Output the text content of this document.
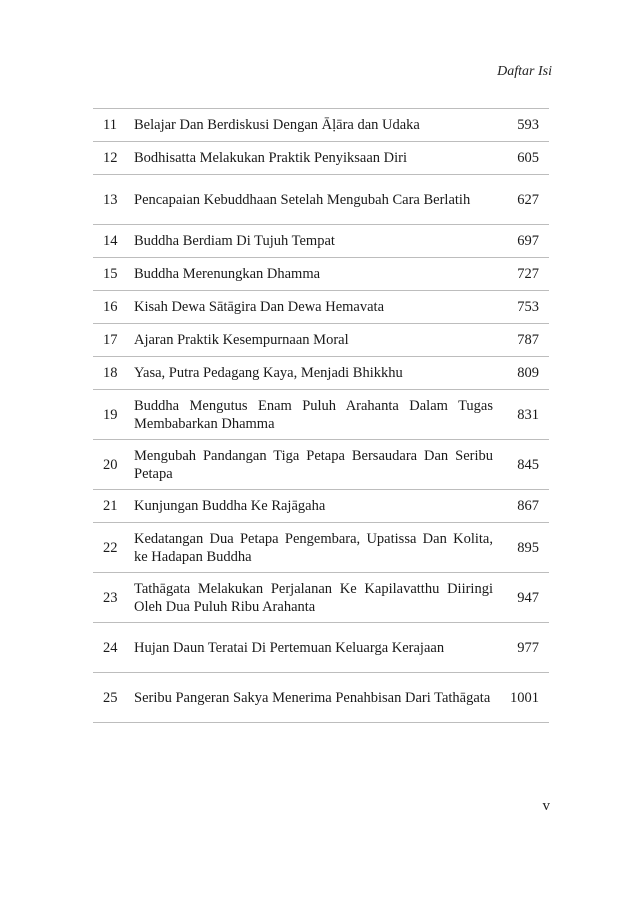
Daftar Isi
11	Belajar Dan Berdiskusi Dengan Āḷāra dan Udaka	593
12	Bodhisatta Melakukan Praktik Penyiksaan Diri	605
13	Pencapaian Kebuddhaan Setelah Mengubah Cara Berlatih	627
14	Buddha Berdiam Di Tujuh Tempat	697
15	Buddha Merenungkan Dhamma	727
16	Kisah Dewa Sātāgira Dan Dewa Hemavata	753
17	Ajaran Praktik Kesempurnaan Moral	787
18	Yasa, Putra Pedagang Kaya, Menjadi Bhikkhu	809
19	Buddha Mengutus Enam Puluh Arahanta Dalam Tugas Membabarkan Dhamma	831
20	Mengubah Pandangan Tiga Petapa Bersaudara Dan Seribu Petapa	845
21	Kunjungan Buddha Ke Rajāgaha	867
22	Kedatangan Dua Petapa Pengembara, Upatissa Dan Kolita, ke Hadapan Buddha	895
23	Tathāgata Melakukan Perjalanan Ke Kapilavatthu Diiringi Oleh Dua Puluh Ribu Arahanta	947
24	Hujan Daun Teratai Di Pertemuan Keluarga Kerajaan	977
25	Seribu Pangeran Sakya Menerima Penahbisan Dari Tathāgata	1001
v
